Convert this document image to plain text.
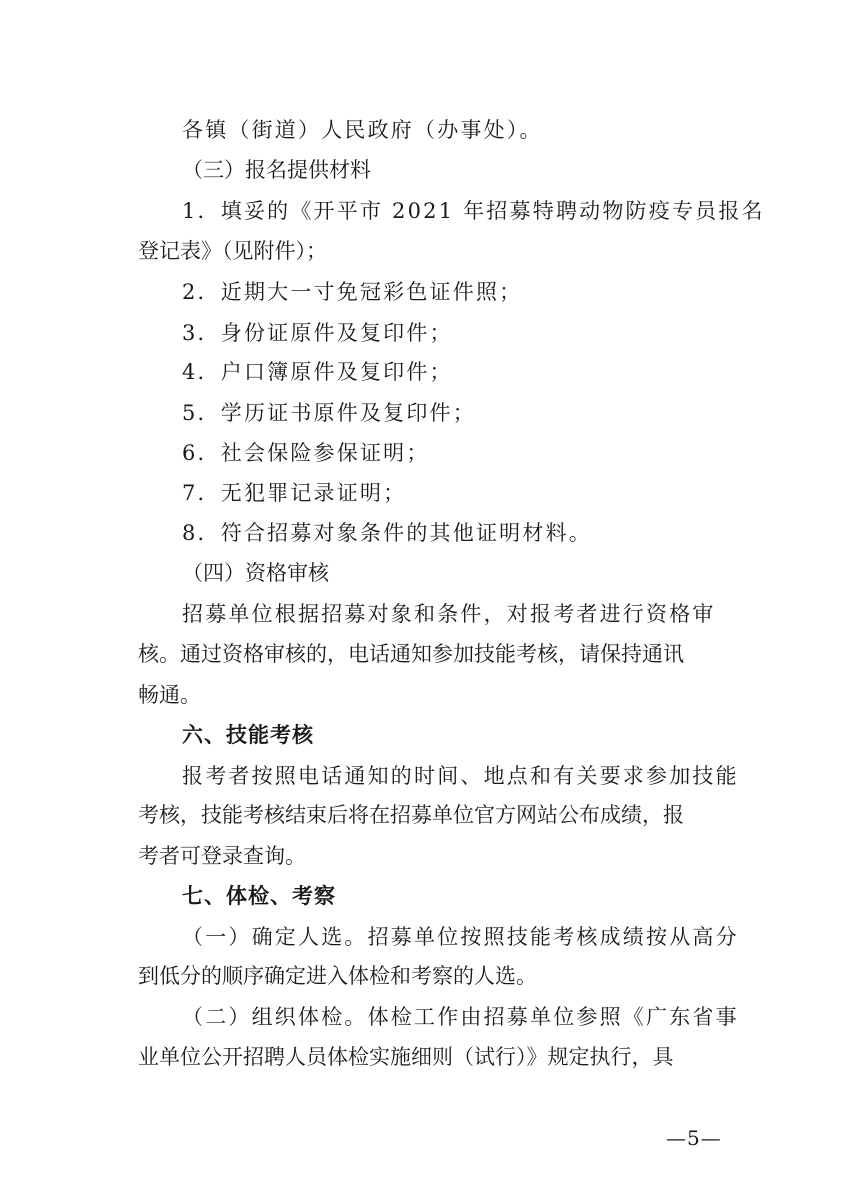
各镇（街道）人民政府（办事处）。
（三）报名提供材料
1．填妥的《开平市 2021 年招募特聘动物防疫专员报名
登记表》（见附件）；
2．近期大一寸免冠彩色证件照；
3．身份证原件及复印件；
4．户口簿原件及复印件；
5．学历证书原件及复印件；
6．社会保险参保证明；
7．无犯罪记录证明；
8．符合招募对象条件的其他证明材料。
（四）资格审核
招募单位根据招募对象和条件，对报考者进行资格审
核。通过资格审核的，电话通知参加技能考核，请保持通讯
畅通。
六、技能考核
报考者按照电话通知的时间、地点和有关要求参加技能
考核，技能考核结束后将在招募单位官方网站公布成绩，报
考者可登录查询。
七、体检、考察
（一）确定人选。招募单位按照技能考核成绩按从高分
到低分的顺序确定进入体检和考察的人选。
（二）组织体检。体检工作由招募单位参照《广东省事
业单位公开招聘人员体检实施细则（试行）》规定执行，具
—5—
